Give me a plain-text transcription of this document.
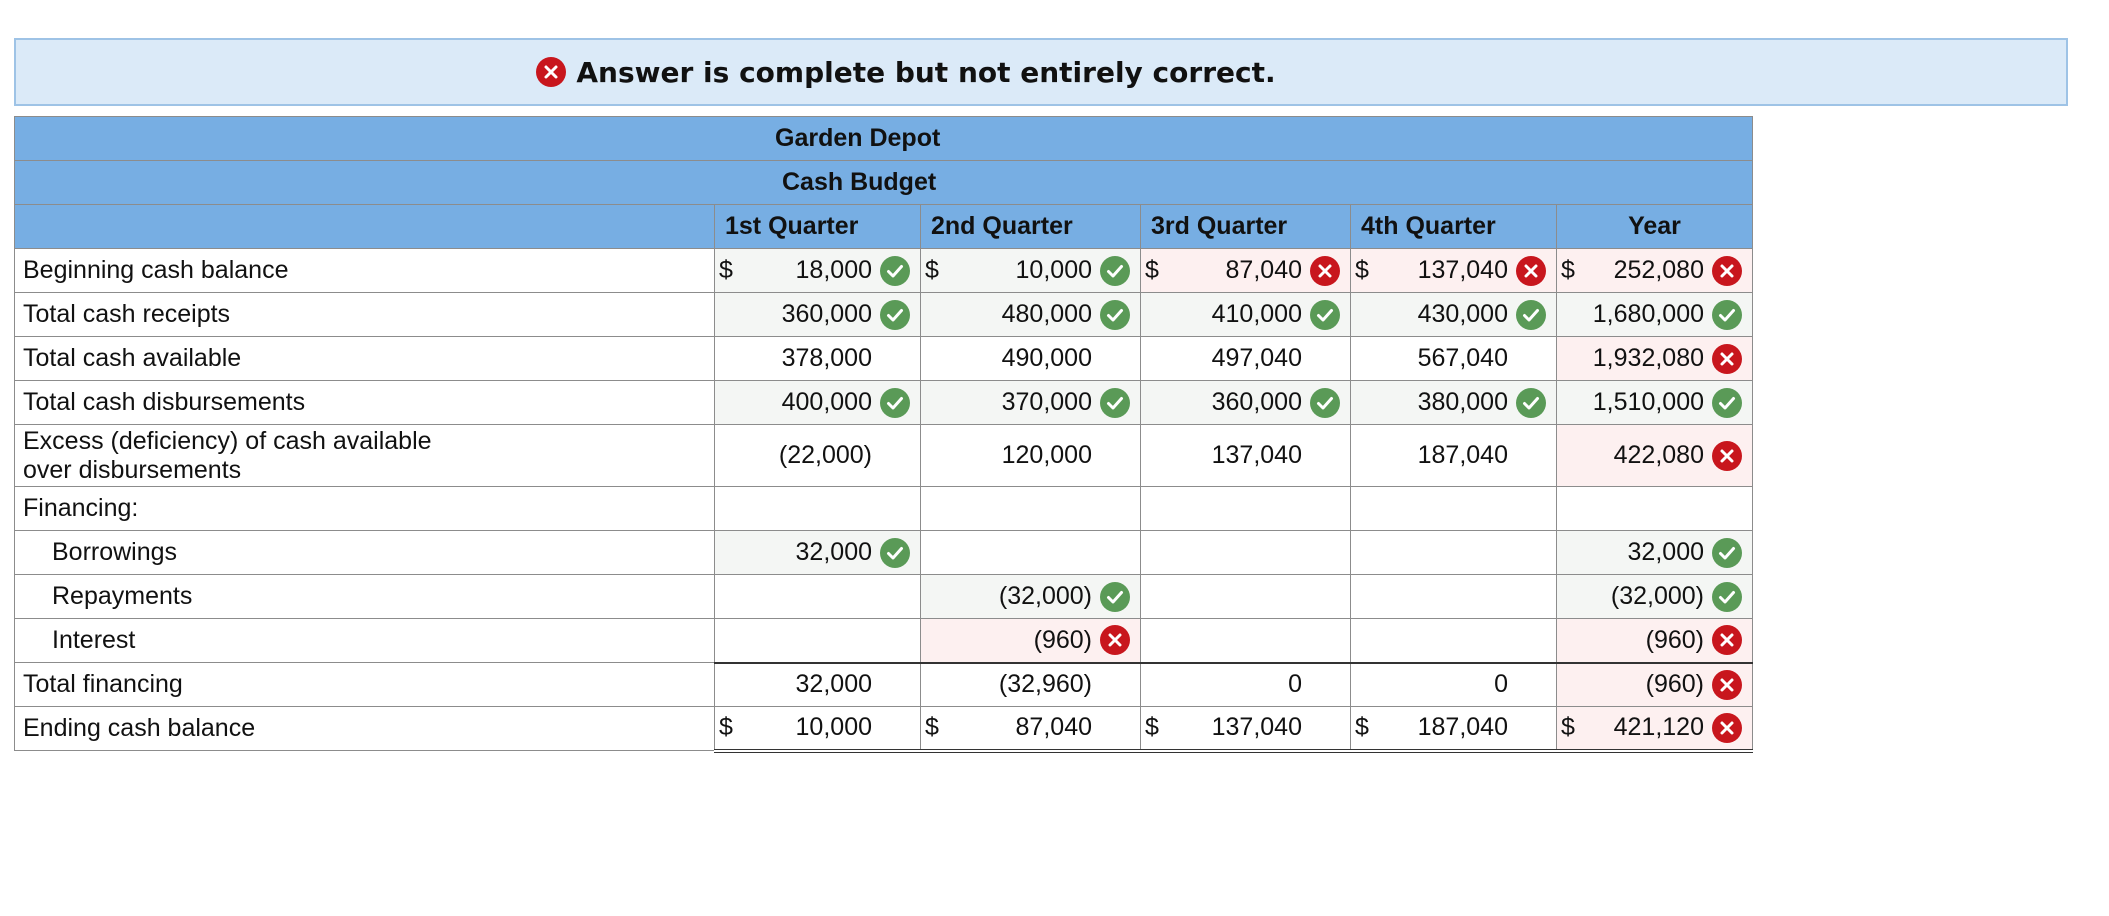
Answer is complete but not entirely correct.
Garden Depot					
Cash Budget					
	1st Quarter	2nd Quarter	3rd Quarter	4th Quarter	Year
Beginning cash balance	$ 18,000	$ 10,000	$ 87,040	$ 137,040	$ 252,080

Total cash receipts	360,000	480,000	410,000	430,000	1,680,000

Total cash available	378,000	490,000	497,040	567,040	1,932,080

Total cash disbursements	400,000	370,000	360,000	380,000	1,510,000

Excess (deficiency) of cash available over disbursements	(22,000)	120,000	137,040	187,040	422,080

Financing:	

Borrowings	32,000				32,000

Repayments		(32,000)			(32,000)

Interest		(960)			(960)

Total financing	32,000	(32,960)	0	0	(960)

Ending cash balance	$ 10,000	$ 87,040	$ 137,040	$ 187,040	$ 421,120
